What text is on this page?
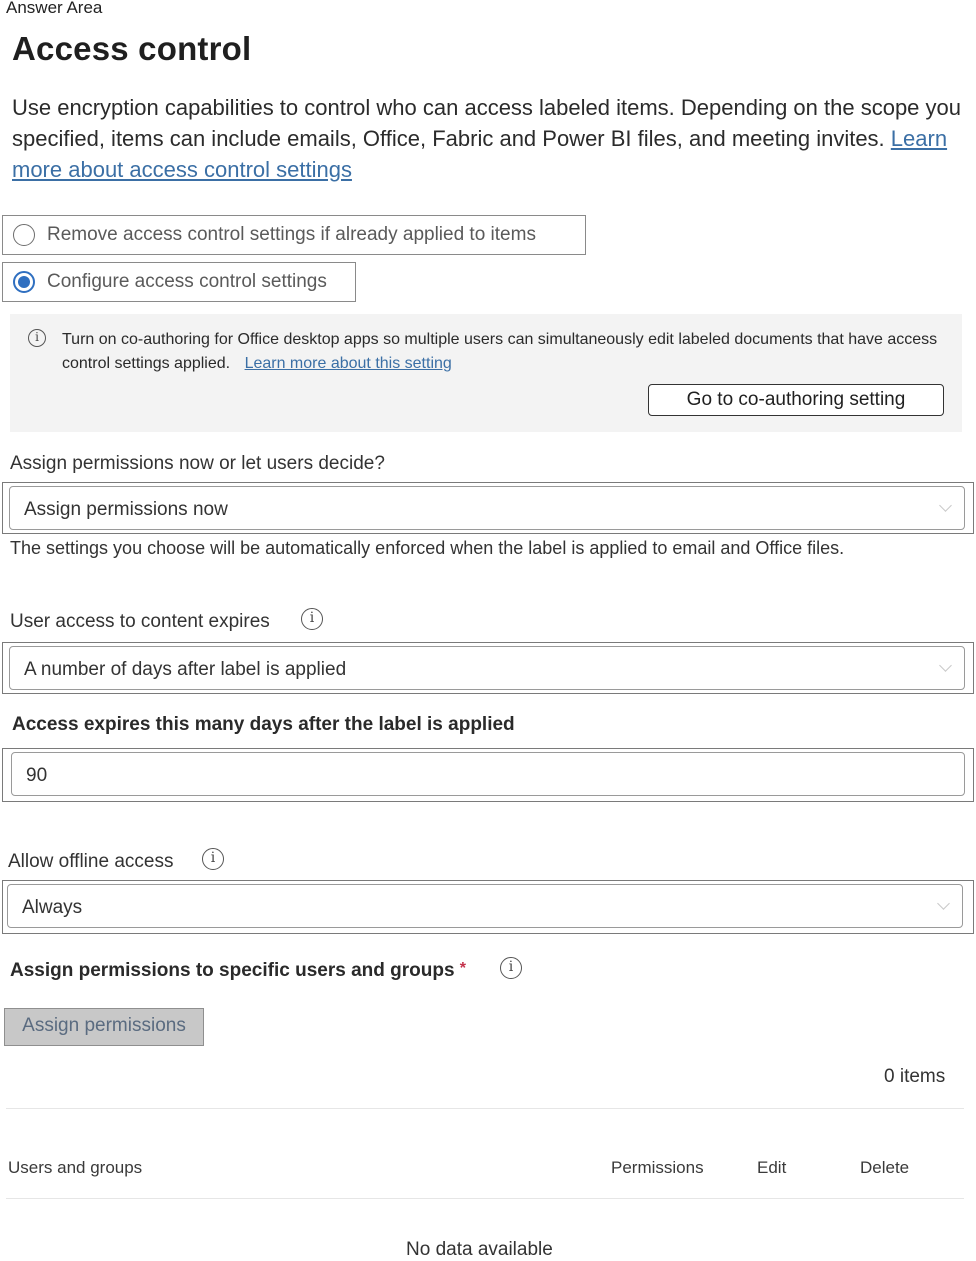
Answer Area
Access control
Use encryption capabilities to control who can access labeled items. Depending on the scope you specified, items can include emails, Office, Fabric and Power BI files, and meeting invites. Learn more about access control settings
Remove access control settings if already applied to items
Configure access control settings
i	Turn on co-authoring for Office desktop apps so multiple users can simultaneously edit labeled documents that have access control settings applied. Learn more about this setting
Go to co-authoring setting
Assign permissions now or let users decide?
Assign permissions now
The settings you choose will be automatically enforced when the label is applied to email and Office files.
User access to content expires	i
A number of days after label is applied
Access expires this many days after the label is applied
90
Allow offline access	i
Always
Assign permissions to specific users and groups *	i
Assign permissions
0 items
Users and groups	Permissions	Edit	Delete
No data available
